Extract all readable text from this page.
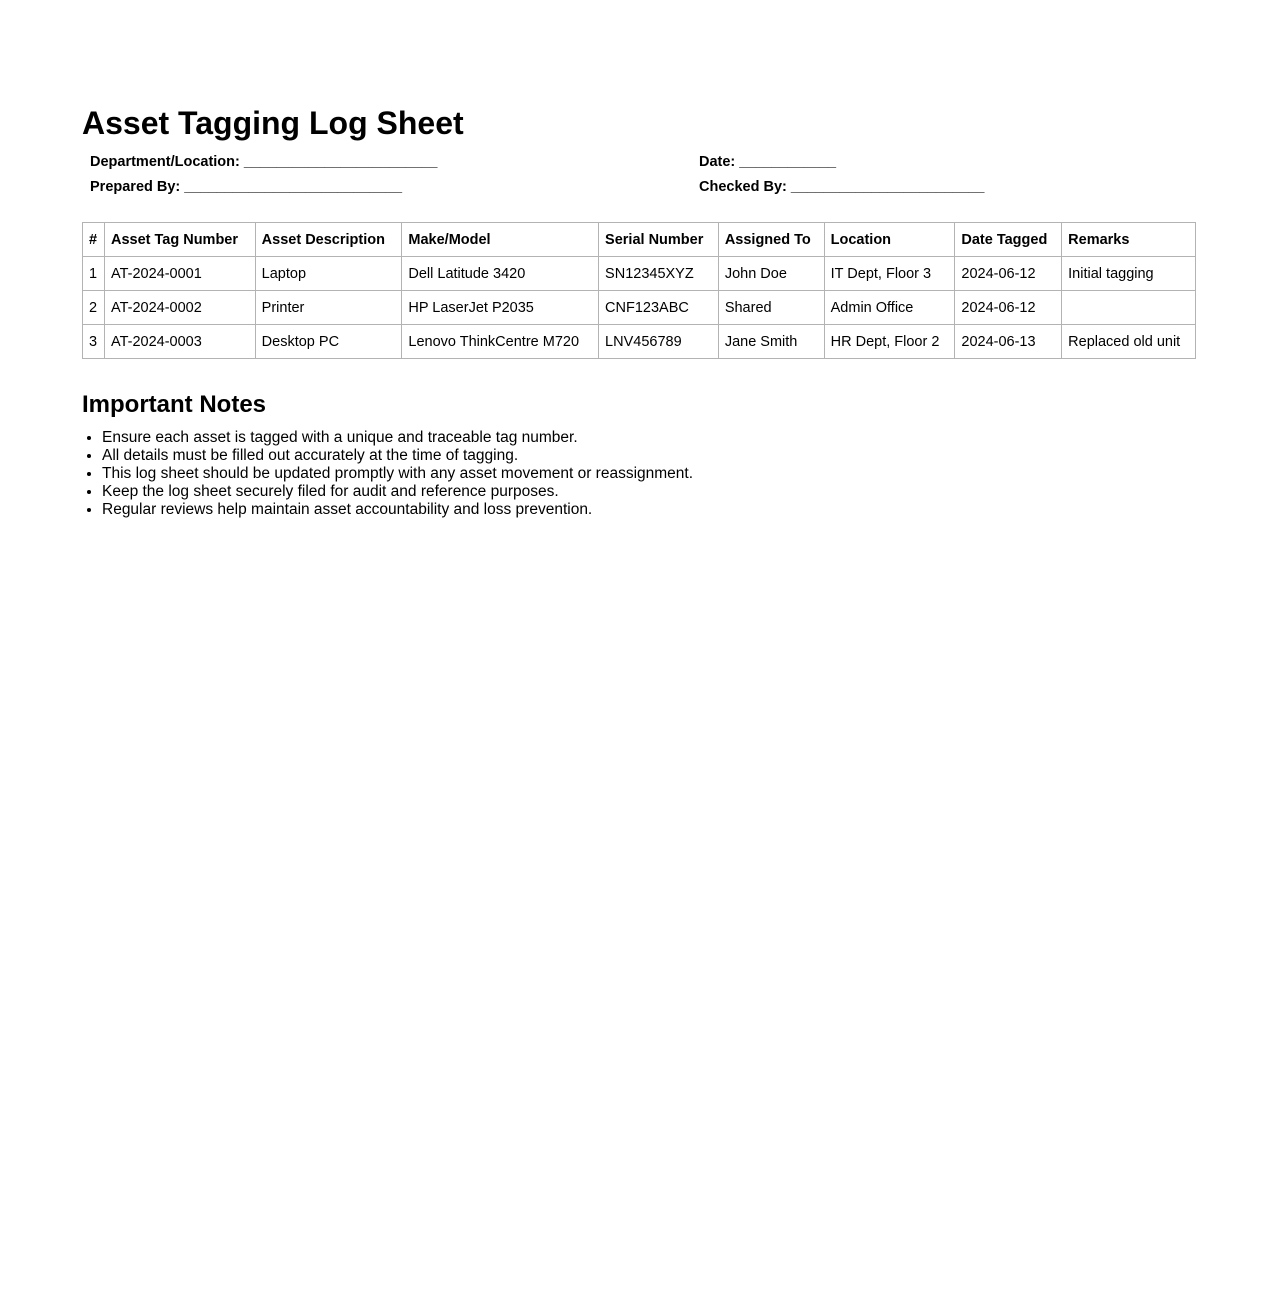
Asset Tagging Log Sheet
Department/Location: ________________________
Prepared By: ___________________________
Date: ____________
Checked By: ________________________
#	Asset Tag Number	Asset Description	Make/Model	Serial Number	Assigned To	Location	Date Tagged	Remarks
1	AT-2024-0001	Laptop	Dell Latitude 3420	SN12345XYZ	John Doe	IT Dept, Floor 3	2024-06-12	Initial tagging
2	AT-2024-0002	Printer	HP LaserJet P2035	CNF123ABC	Shared	Admin Office	2024-06-12	
3	AT-2024-0003	Desktop PC	Lenovo ThinkCentre M720	LNV456789	Jane Smith	HR Dept, Floor 2	2024-06-13	Replaced old unit
Important Notes
• Ensure each asset is tagged with a unique and traceable tag number.
• All details must be filled out accurately at the time of tagging.
• This log sheet should be updated promptly with any asset movement or reassignment.
• Keep the log sheet securely filed for audit and reference purposes.
• Regular reviews help maintain asset accountability and loss prevention.
